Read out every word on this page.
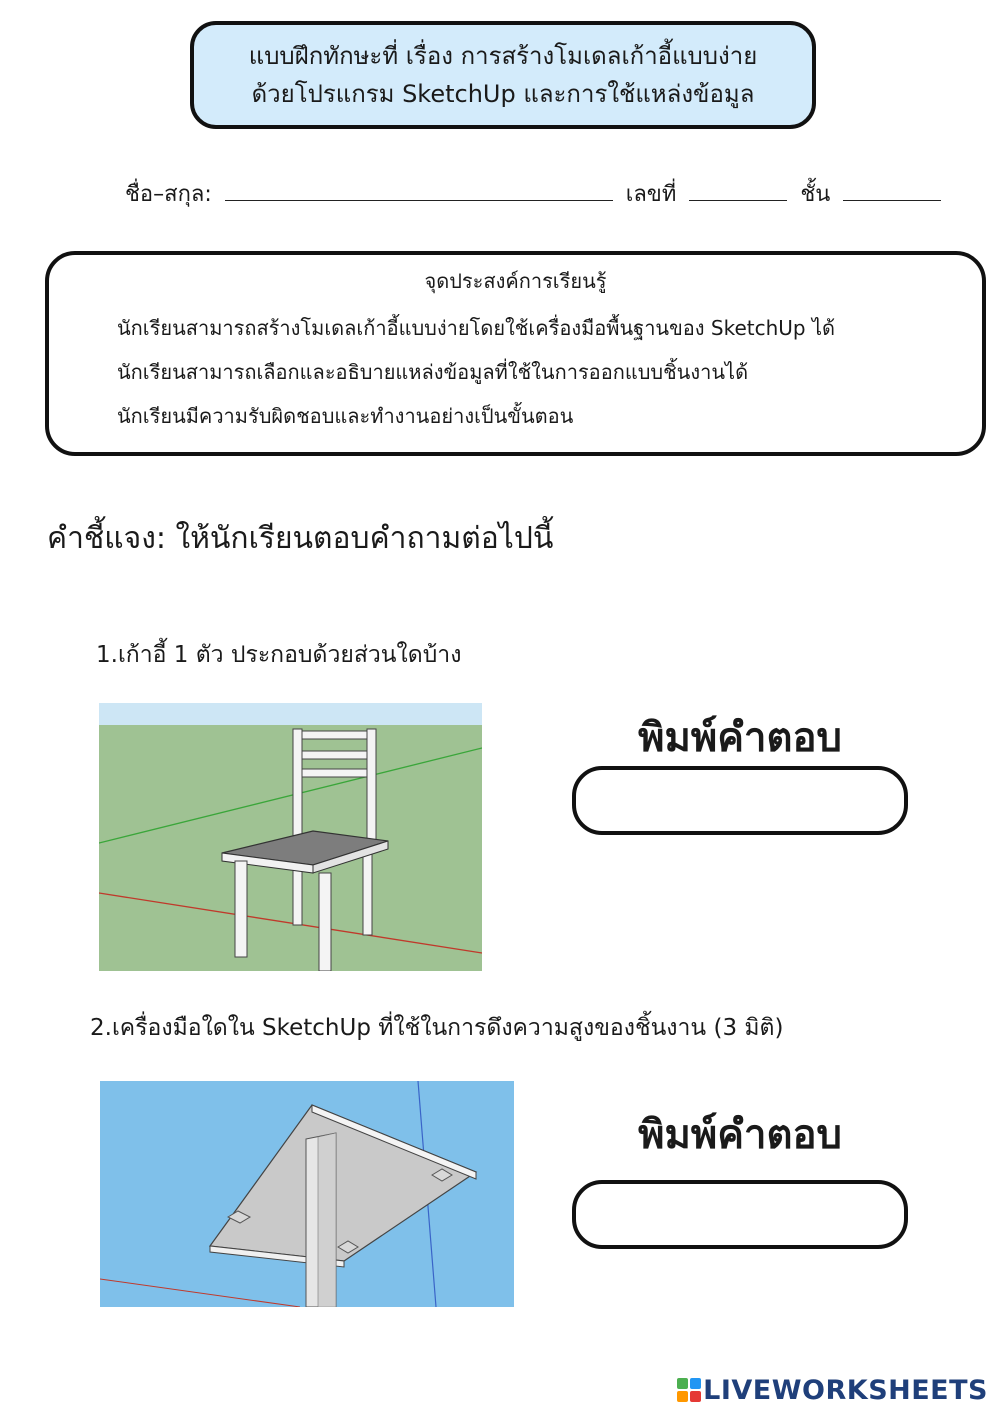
แบบฝึกทักษะที่ เรื่อง การสร้างโมเดลเก้าอี้แบบง่าย
ด้วยโปรแกรม SketchUp และการใช้แหล่งข้อมูล
ชื่อ–สกุล:	เลขที่	ชั้น
จุดประสงค์การเรียนรู้
นักเรียนสามารถสร้างโมเดลเก้าอี้แบบง่ายโดยใช้เครื่องมือพื้นฐานของ SketchUp ได้
นักเรียนสามารถเลือกและอธิบายแหล่งข้อมูลที่ใช้ในการออกแบบชิ้นงานได้
นักเรียนมีความรับผิดชอบและทำงานอย่างเป็นขั้นตอน
คำชี้แจง: ให้นักเรียนตอบคำถามต่อไปนี้
1.เก้าอี้ 1 ตัว ประกอบด้วยส่วนใดบ้าง
พิมพ์คำตอบ
2.เครื่องมือใดใน SketchUp ที่ใช้ในการดึงความสูงของชิ้นงาน (3 มิติ)
พิมพ์คำตอบ
LIVEWORKSHEETS
